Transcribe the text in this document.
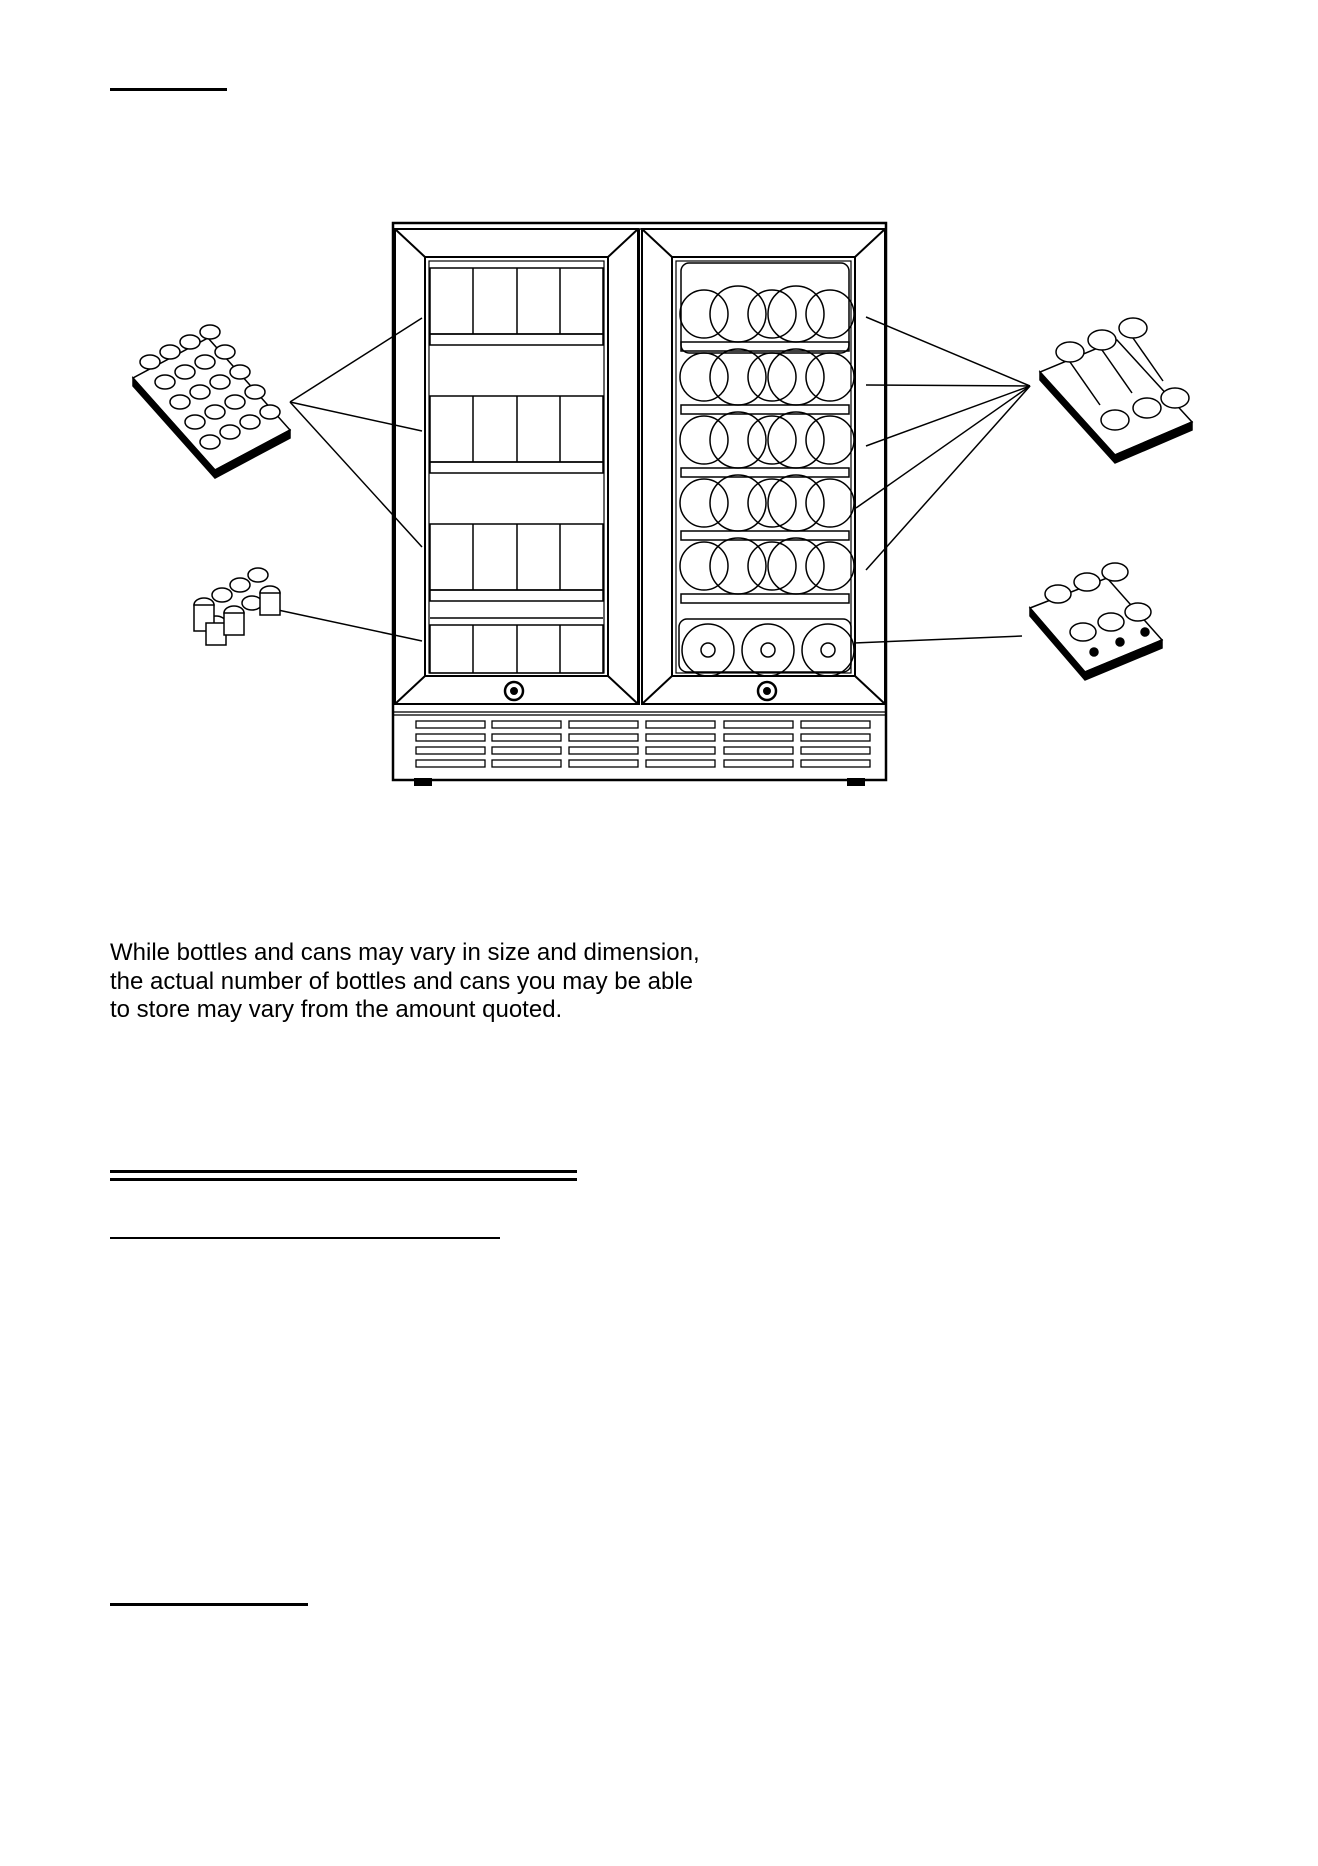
While bottles and cans may vary in size and dimension,
the actual number of bottles and cans you may be able
to store may vary from the amount quoted.
